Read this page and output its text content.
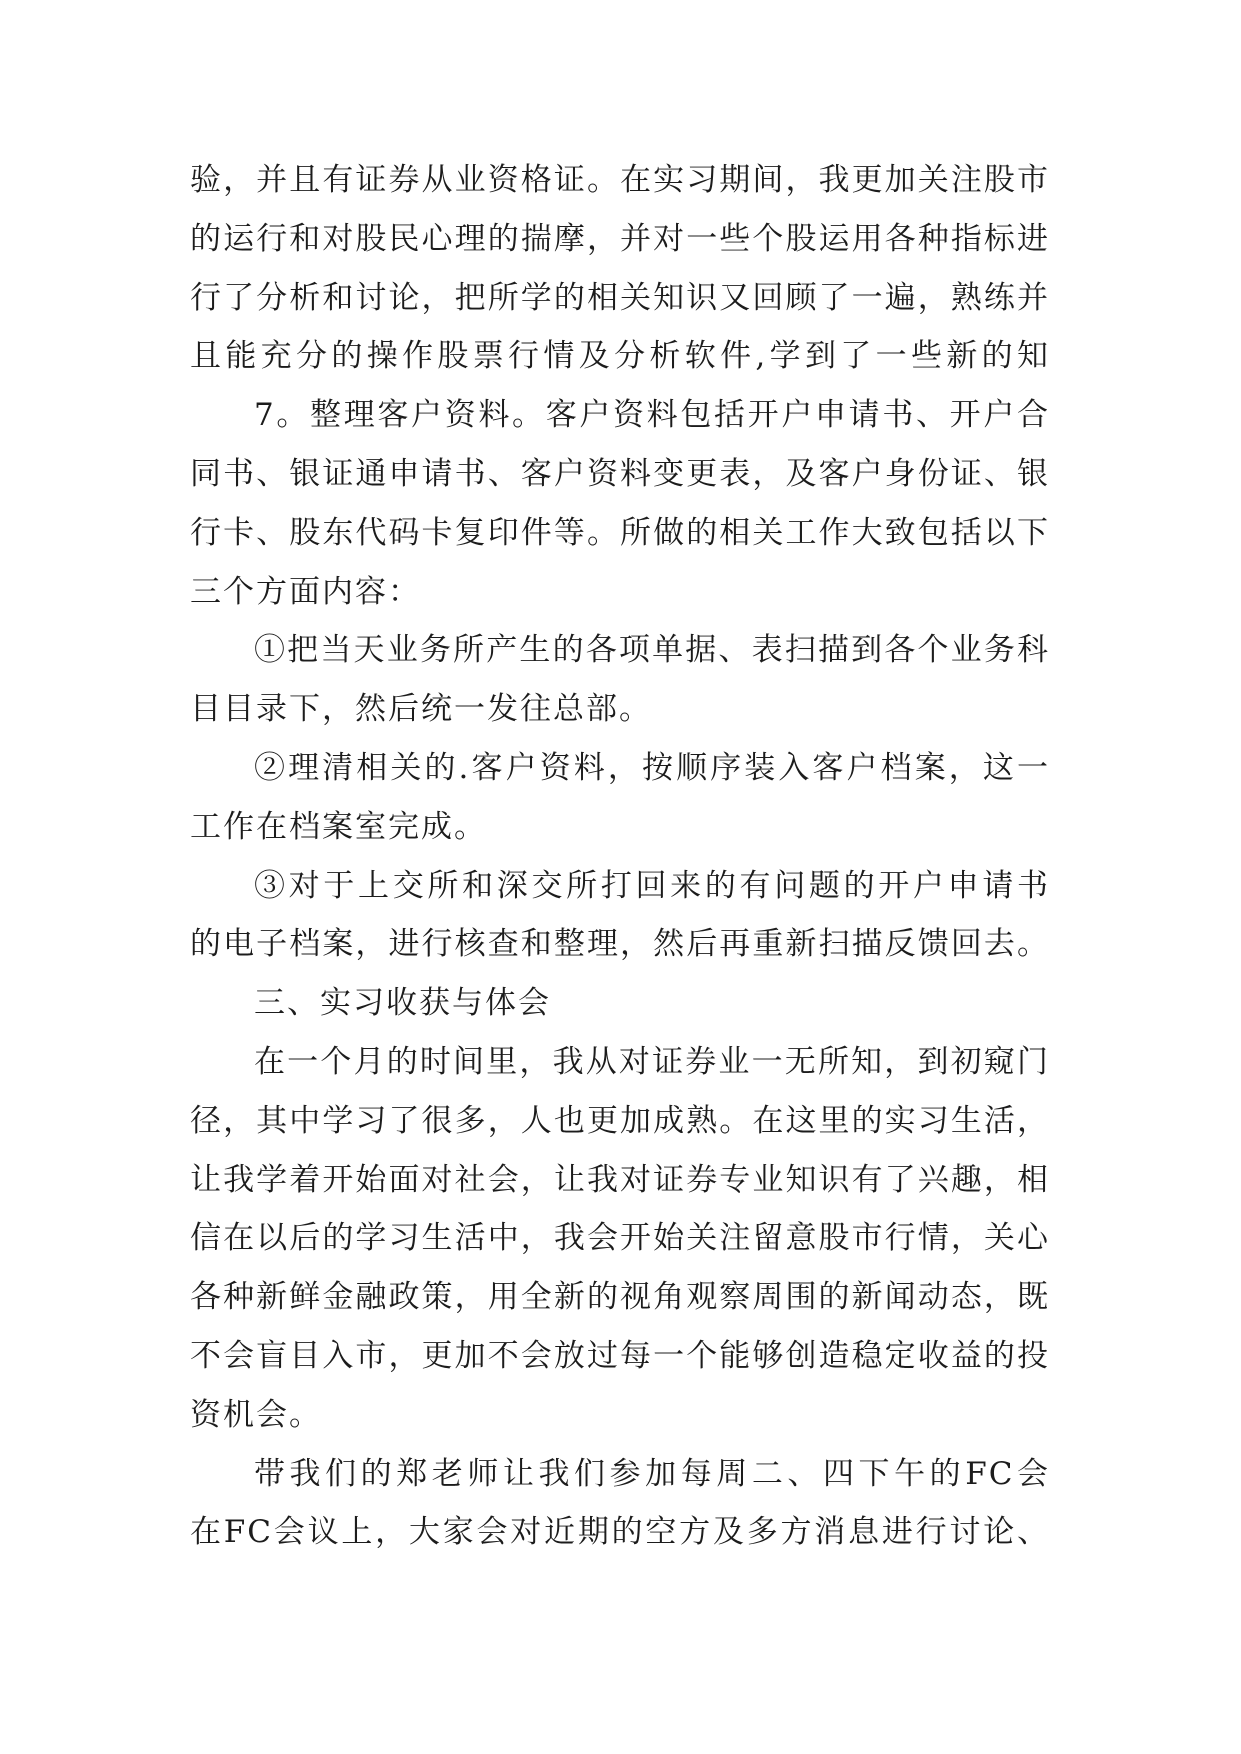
验，并且有证券从业资格证。在实习期间，我更加关注股市
的运行和对股民心理的揣摩，并对一些个股运用各种指标进
行了分析和讨论，把所学的相关知识又回顾了一遍，熟练并
且能充分的操作股票行情及分析软件,学到了一些新的知
7。整理客户资料。客户资料包括开户申请书、开户合
同书、银证通申请书、客户资料变更表，及客户身份证、银
行卡、股东代码卡复印件等。所做的相关工作大致包括以下
三个方面内容：
①把当天业务所产生的各项单据、表扫描到各个业务科
目目录下，然后统一发往总部。
②理清相关的.客户资料，按顺序装入客户档案，这一
工作在档案室完成。
③对于上交所和深交所打回来的有问题的开户申请书
的电子档案，进行核查和整理，然后再重新扫描反馈回去。
三、实习收获与体会
在一个月的时间里，我从对证券业一无所知，到初窥门
径，其中学习了很多，人也更加成熟。在这里的实习生活，
让我学着开始面对社会，让我对证券专业知识有了兴趣，相
信在以后的学习生活中，我会开始关注留意股市行情，关心
各种新鲜金融政策，用全新的视角观察周围的新闻动态，既
不会盲目入市，更加不会放过每一个能够创造稳定收益的投
资机会。
带我们的郑老师让我们参加每周二、四下午的FC会
在FC会议上，大家会对近期的空方及多方消息进行讨论、
